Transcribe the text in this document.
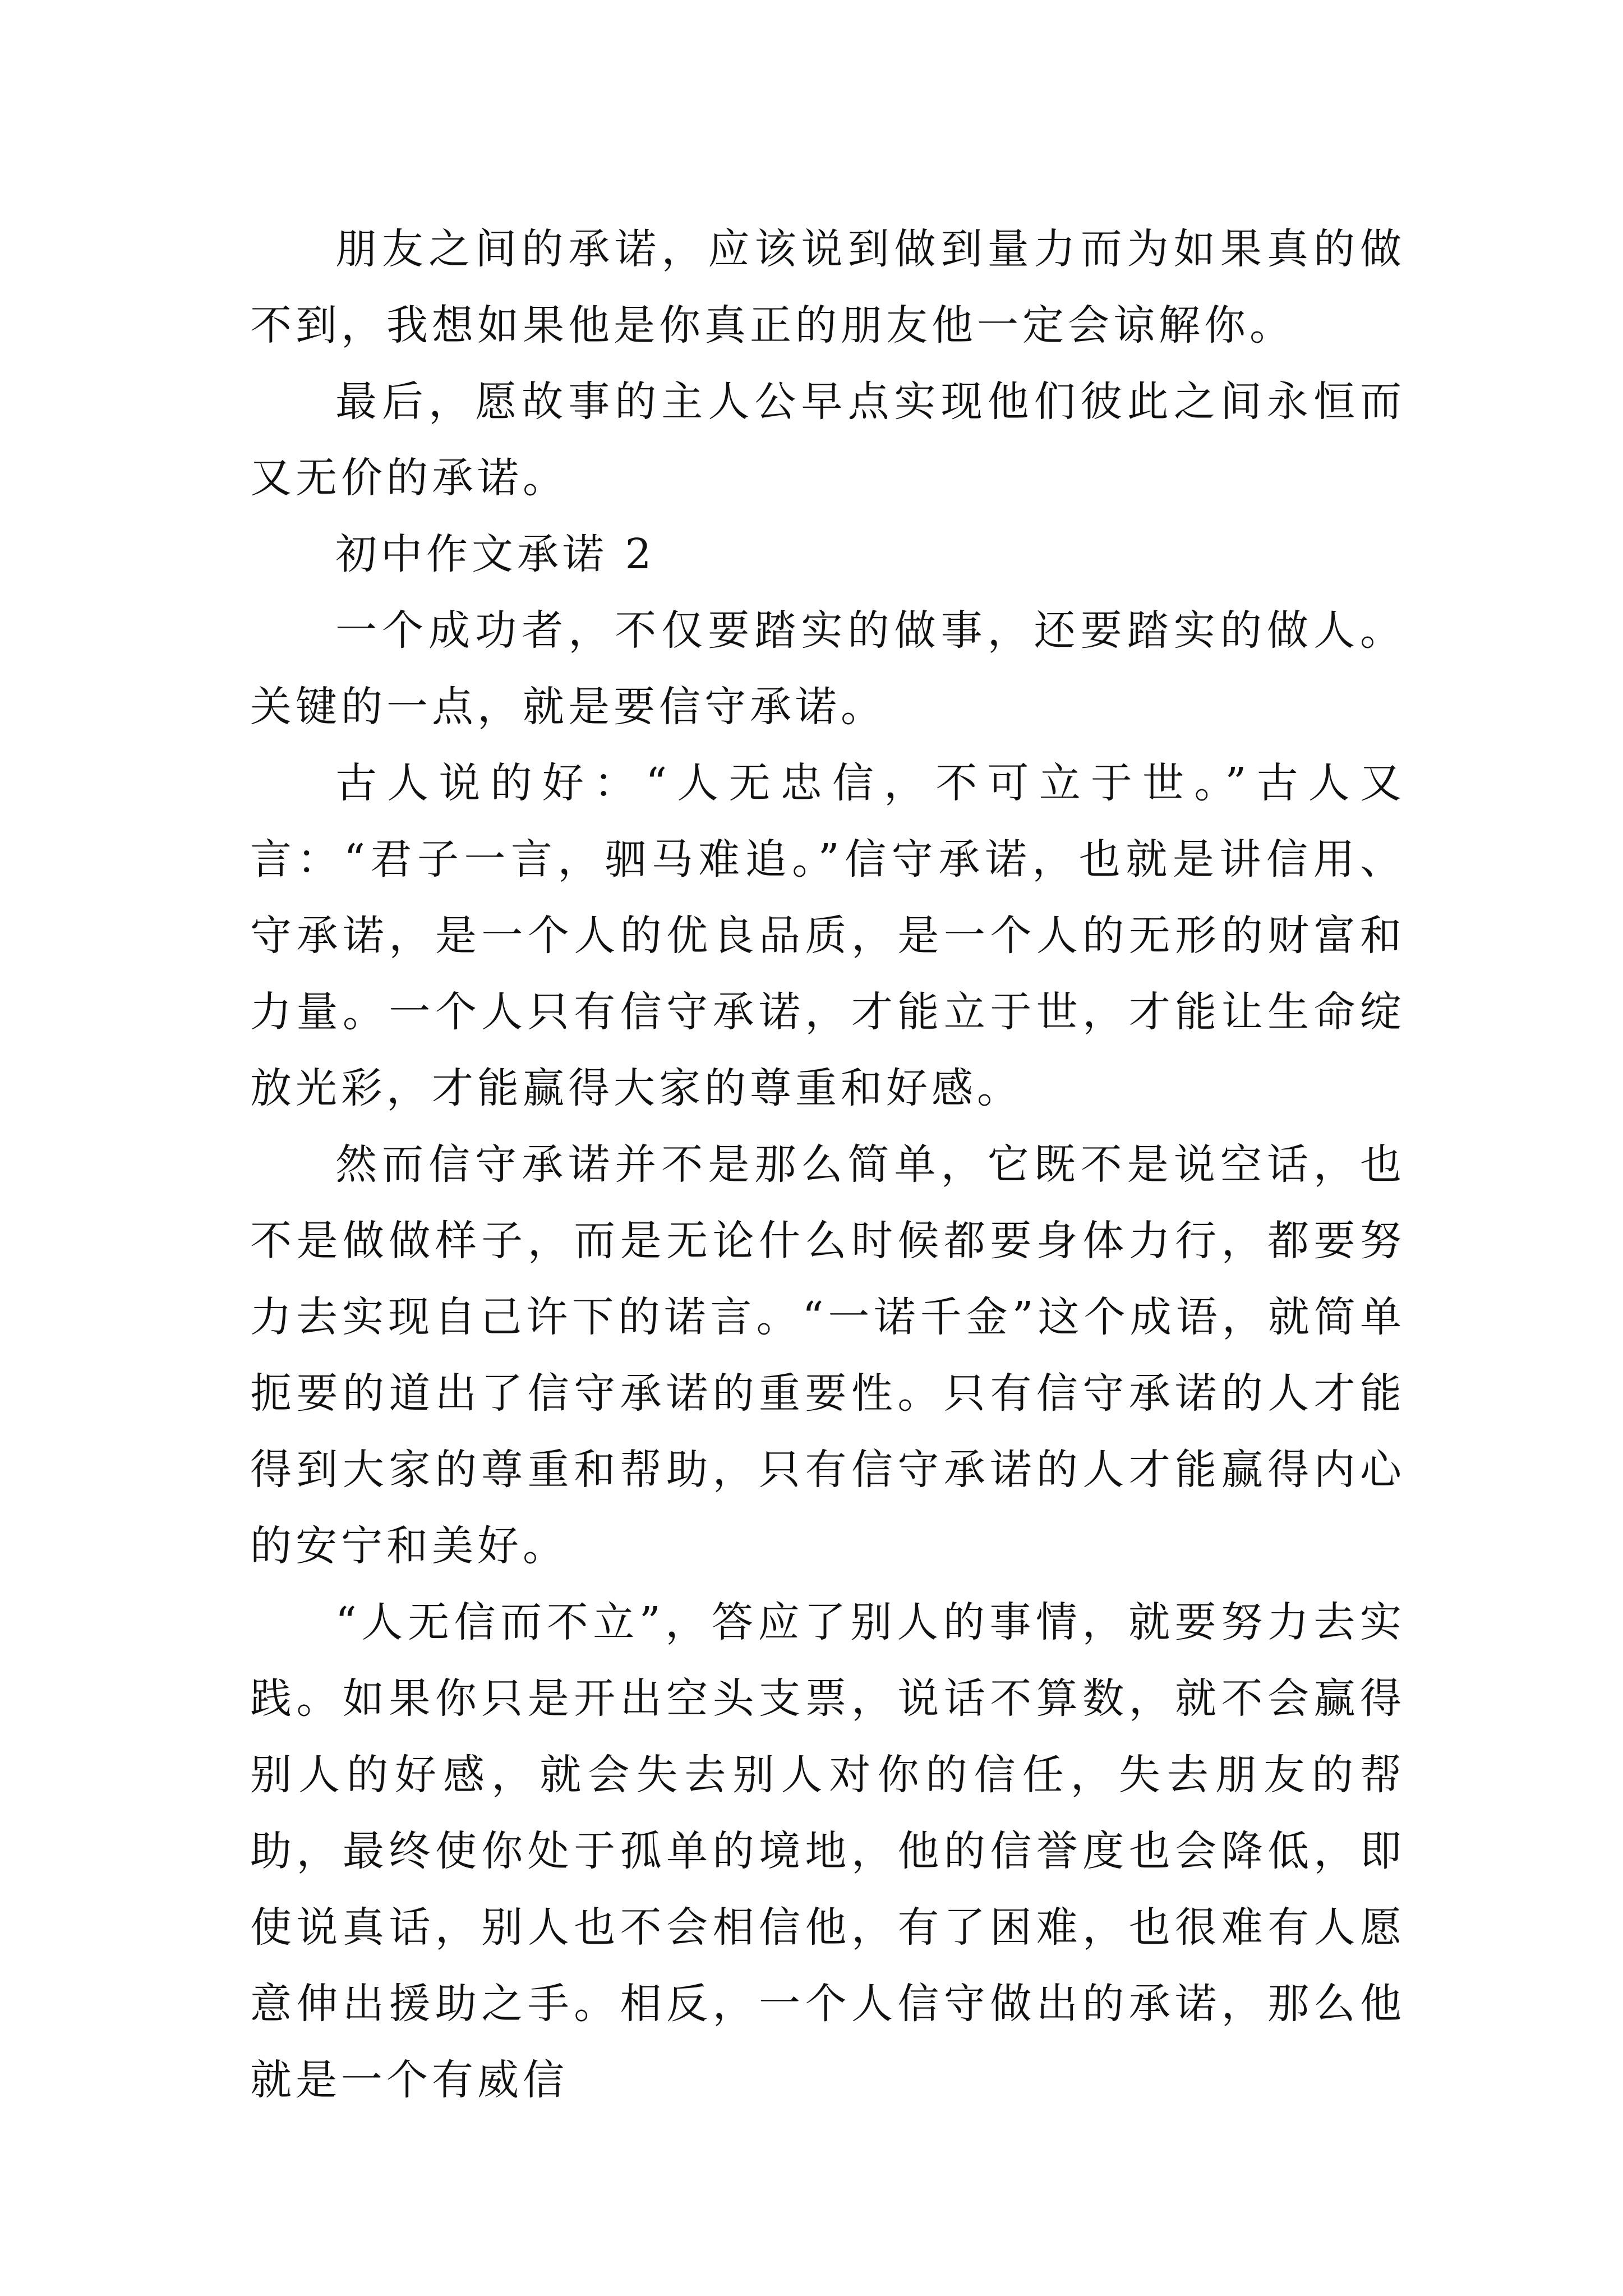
朋友之间的承诺，应该说到做到量力而为如果真的做不到，我想如果他是你真正的朋友他一定会谅解你。

最后，愿故事的主人公早点实现他们彼此之间永恒而又无价的承诺。

初中作文承诺 2

一个成功者，不仅要踏实的做事，还要踏实的做人。关键的一点，就是要信守承诺。

古人说的好：“人无忠信，不可立于世。”古人又言：“君子一言，驷马难追。”信守承诺，也就是讲信用、守承诺，是一个人的优良品质，是一个人的无形的财富和力量。一个人只有信守承诺，才能立于世，才能让生命绽放光彩，才能赢得大家的尊重和好感。

然而信守承诺并不是那么简单，它既不是说空话，也不是做做样子，而是无论什么时候都要身体力行，都要努力去实现自己许下的诺言。“一诺千金”这个成语，就简单扼要的道出了信守承诺的重要性。只有信守承诺的人才能得到大家的尊重和帮助，只有信守承诺的人才能赢得内心的安宁和美好。

“人无信而不立”，答应了别人的事情，就要努力去实践。如果你只是开出空头支票，说话不算数，就不会赢得别人的好感，就会失去别人对你的信任，失去朋友的帮助，最终使你处于孤单的境地，他的信誉度也会降低，即使说真话，别人也不会相信他，有了困难，也很难有人愿意伸出援助之手。相反，一个人信守做出的承诺，那么他就是一个有威信
